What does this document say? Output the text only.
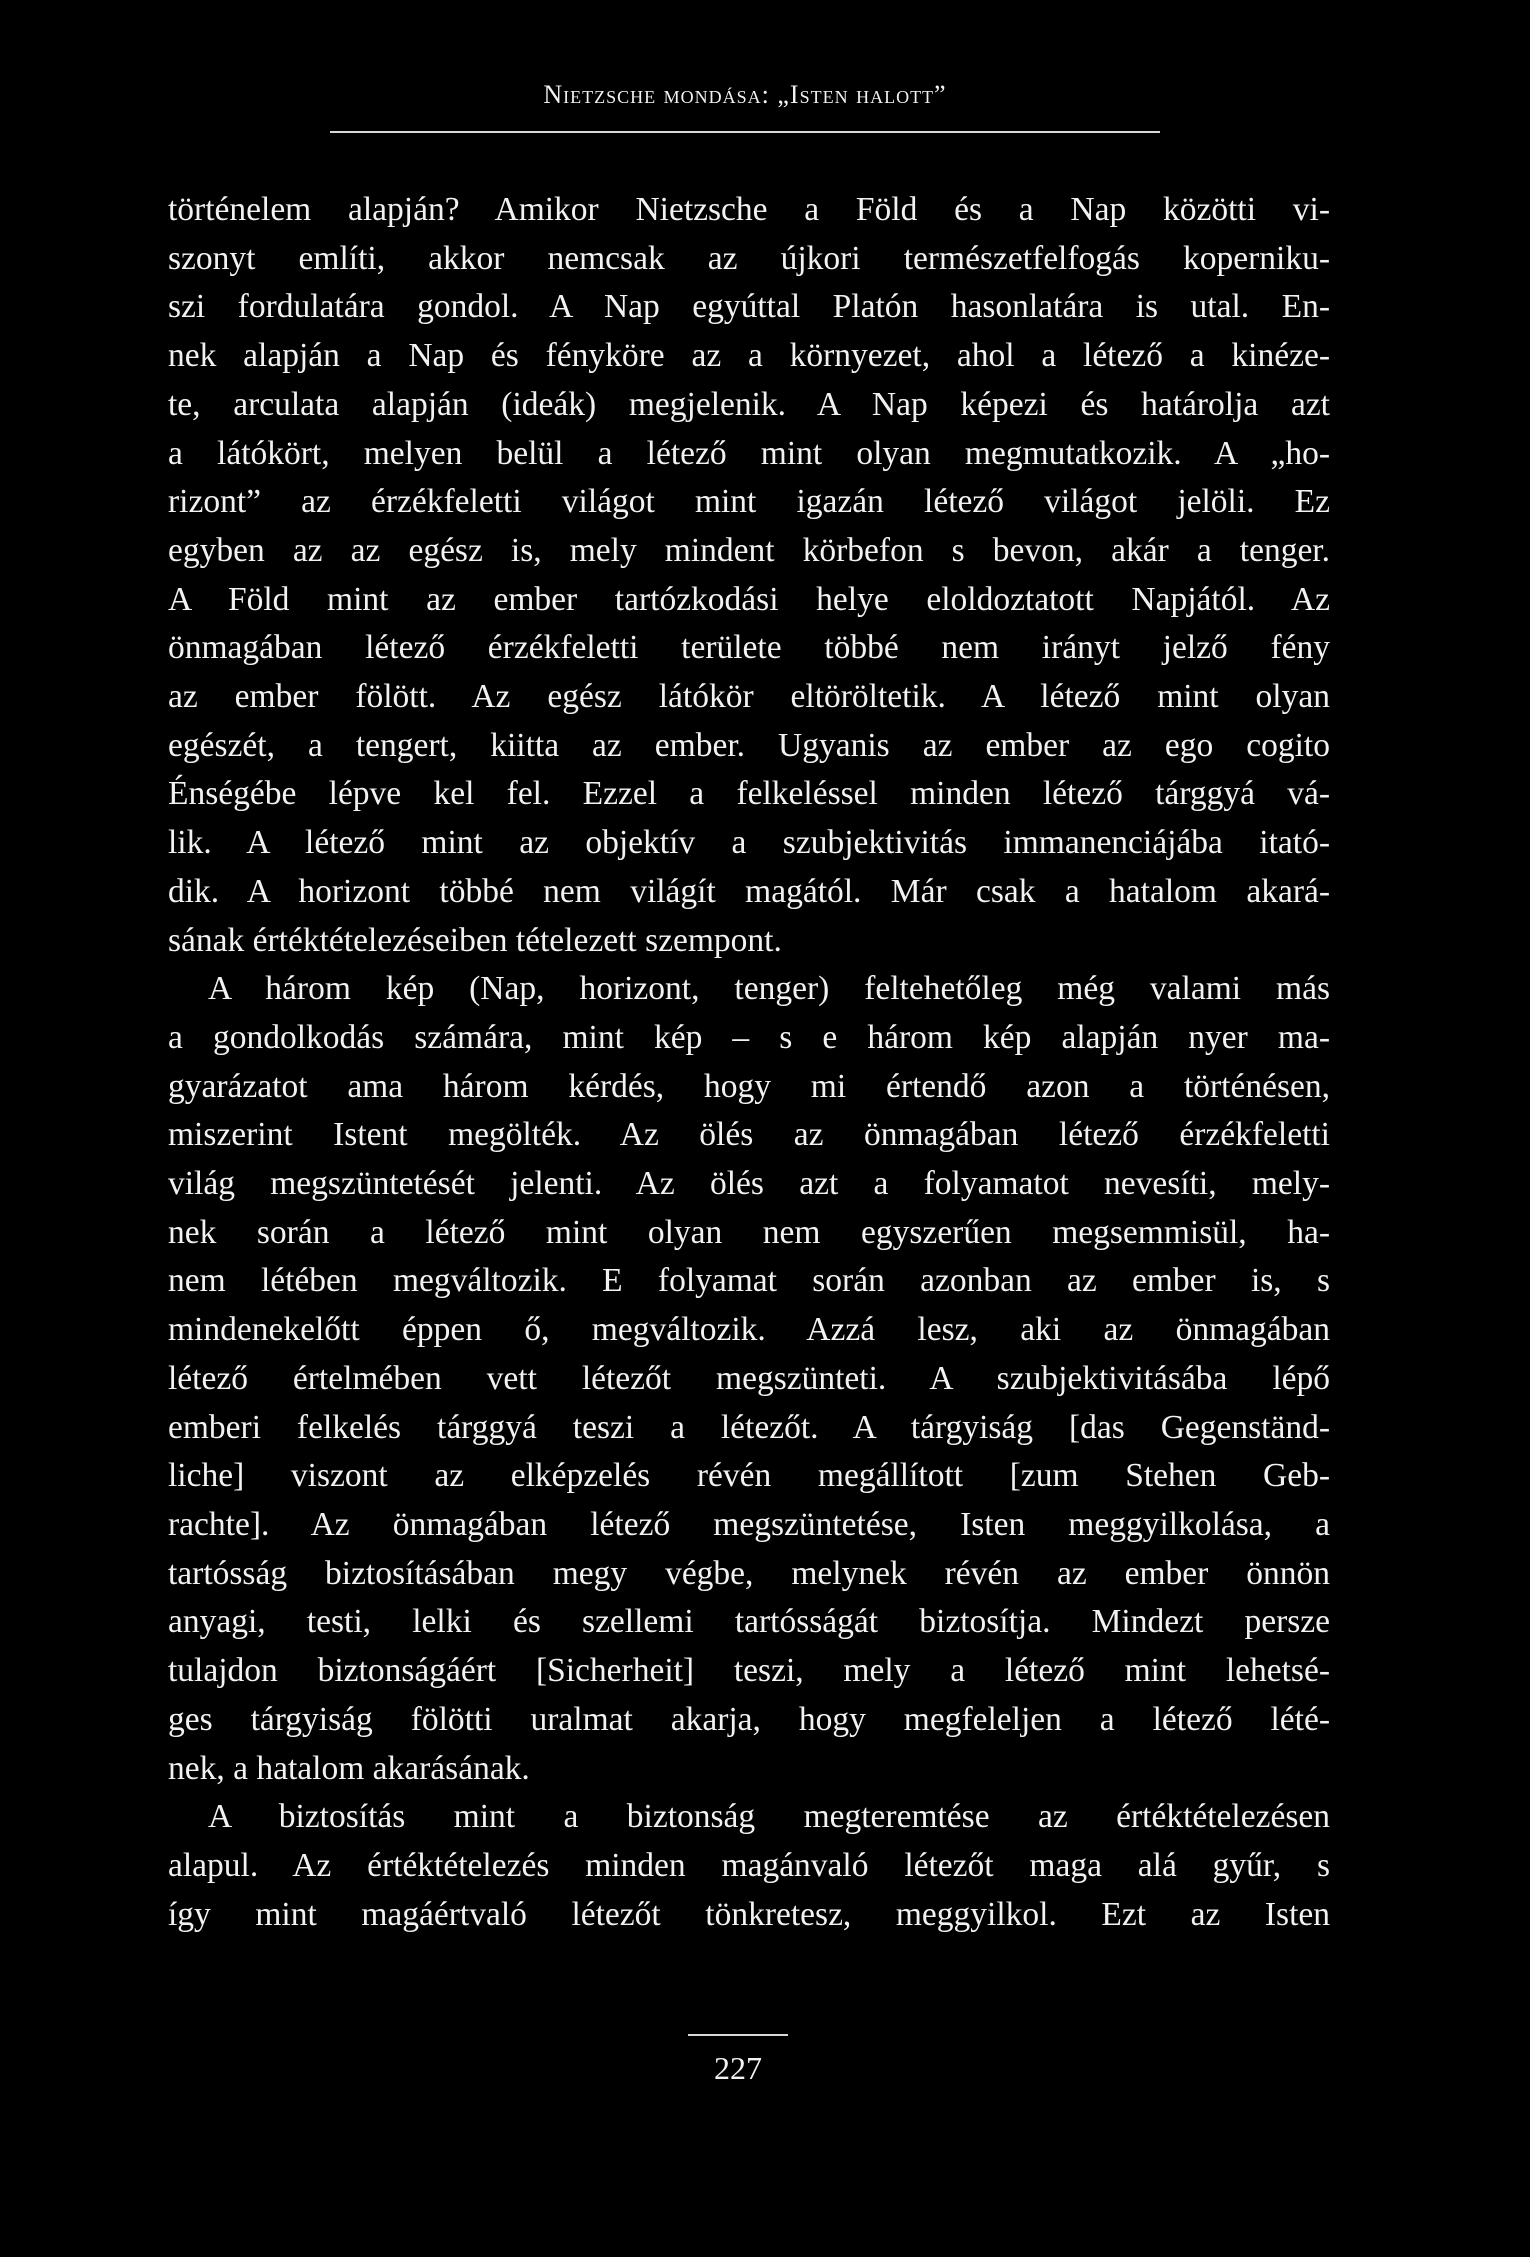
Nietzsche mondása: „Isten halott”

történelem alapján? Amikor Nietzsche a Föld és a Nap közötti vi-
szonyt említi, akkor nemcsak az újkori természetfelfogás koperniku-
szi fordulatára gondol. A Nap egyúttal Platón hasonlatára is utal. En-
nek alapján a Nap és fényköre az a környezet, ahol a létező a kinéze-
te, arculata alapján (ideák) megjelenik. A Nap képezi és határolja azt
a látókört, melyen belül a létező mint olyan megmutatkozik. A „ho-
rizont” az érzékfeletti világot mint igazán létező világot jelöli. Ez
egyben az az egész is, mely mindent körbefon s bevon, akár a tenger.
A Föld mint az ember tartózkodási helye eloldoztatott Napjától. Az
önmagában létező érzékfeletti területe többé nem irányt jelző fény
az ember fölött. Az egész látókör eltöröltetik. A létező mint olyan
egészét, a tengert, kiitta az ember. Ugyanis az ember az ego cogito
Énségébe lépve kel fel. Ezzel a felkeléssel minden létező tárggyá vá-
lik. A létező mint az objektív a szubjektivitás immanenciájába itató-
dik. A horizont többé nem világít magától. Már csak a hatalom akará-
sának értéktételezéseiben tételezett szempont.

A három kép (Nap, horizont, tenger) feltehetőleg még valami más
a gondolkodás számára, mint kép – s e három kép alapján nyer ma-
gyarázatot ama három kérdés, hogy mi értendő azon a történésen,
miszerint Istent megölték. Az ölés az önmagában létező érzékfeletti
világ megszüntetését jelenti. Az ölés azt a folyamatot nevesíti, mely-
nek során a létező mint olyan nem egyszerűen megsemmisül, ha-
nem létében megváltozik. E folyamat során azonban az ember is, s
mindenekelőtt éppen ő, megváltozik. Azzá lesz, aki az önmagában
létező értelmében vett létezőt megszünteti. A szubjektivitásába lépő
emberi felkelés tárggyá teszi a létezőt. A tárgyiság [das Gegenständ-
liche] viszont az elképzelés révén megállított [zum Stehen Geb-
rachte]. Az önmagában létező megszüntetése, Isten meggyilkolása, a
tartósság biztosításában megy végbe, melynek révén az ember önnön
anyagi, testi, lelki és szellemi tartósságát biztosítja. Mindezt persze
tulajdon biztonságáért [Sicherheit] teszi, mely a létező mint lehetsé-
ges tárgyiság fölötti uralmat akarja, hogy megfeleljen a létező lété-
nek, a hatalom akarásának.

A biztosítás mint a biztonság megteremtése az értéktételezésen
alapul. Az értéktételezés minden magánvaló létezőt maga alá gyűr, s
így mint magáértvaló létezőt tönkretesz, meggyilkol. Ezt az Isten

227
